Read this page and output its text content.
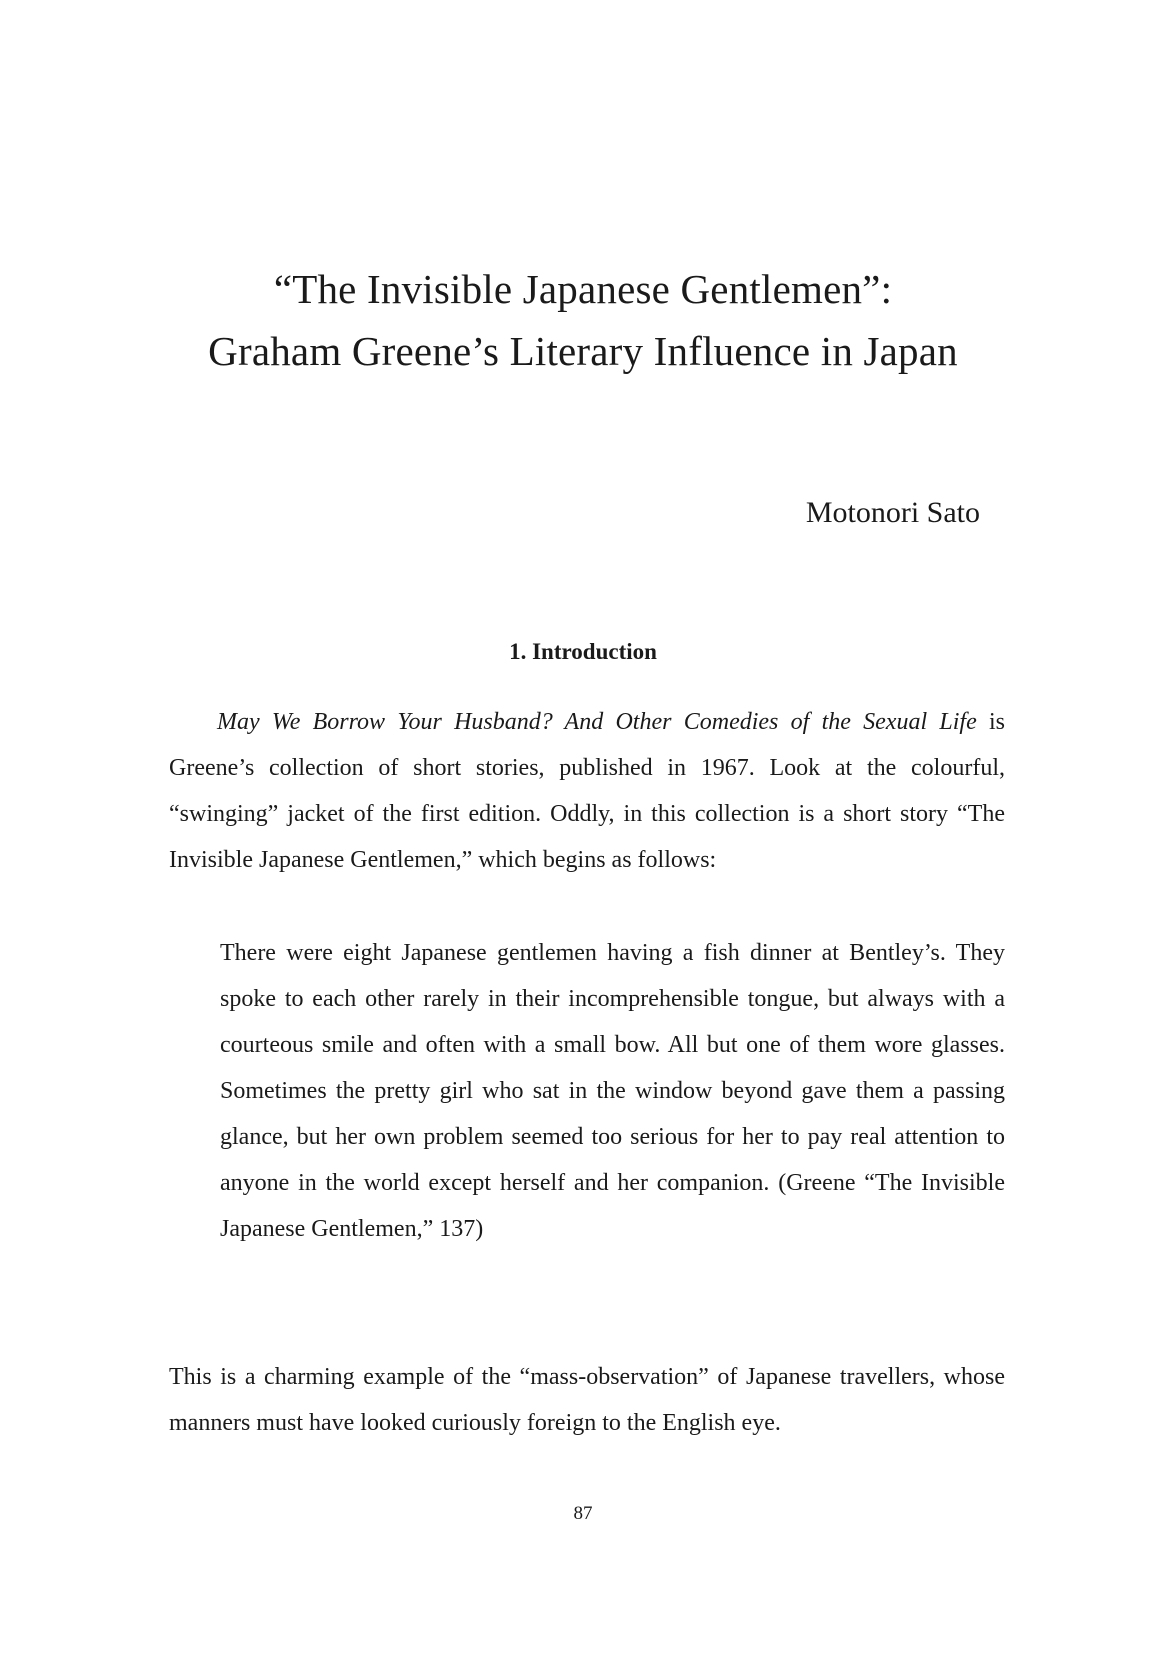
“The Invisible Japanese Gentlemen”:
Graham Greene’s Literary Influence in Japan
Motonori Sato
1. Introduction

May We Borrow Your Husband? And Other Comedies of the Sexual Life is Greene’s collection of short stories, published in 1967. Look at the colourful, “swinging” jacket of the first edition. Oddly, in this collection is a short story “The Invisible Japanese Gentlemen,” which begins as follows:

There were eight Japanese gentlemen having a fish dinner at Bentley’s. They spoke to each other rarely in their incomprehensible tongue, but always with a courteous smile and often with a small bow. All but one of them wore glasses. Sometimes the pretty girl who sat in the window beyond gave them a passing glance, but her own problem seemed too serious for her to pay real attention to anyone in the world except herself and her companion. (Greene “The Invisible Japanese Gentlemen,” 137)

This is a charming example of the “mass-observation” of Japanese travellers, whose manners must have looked curiously foreign to the English eye.

87
